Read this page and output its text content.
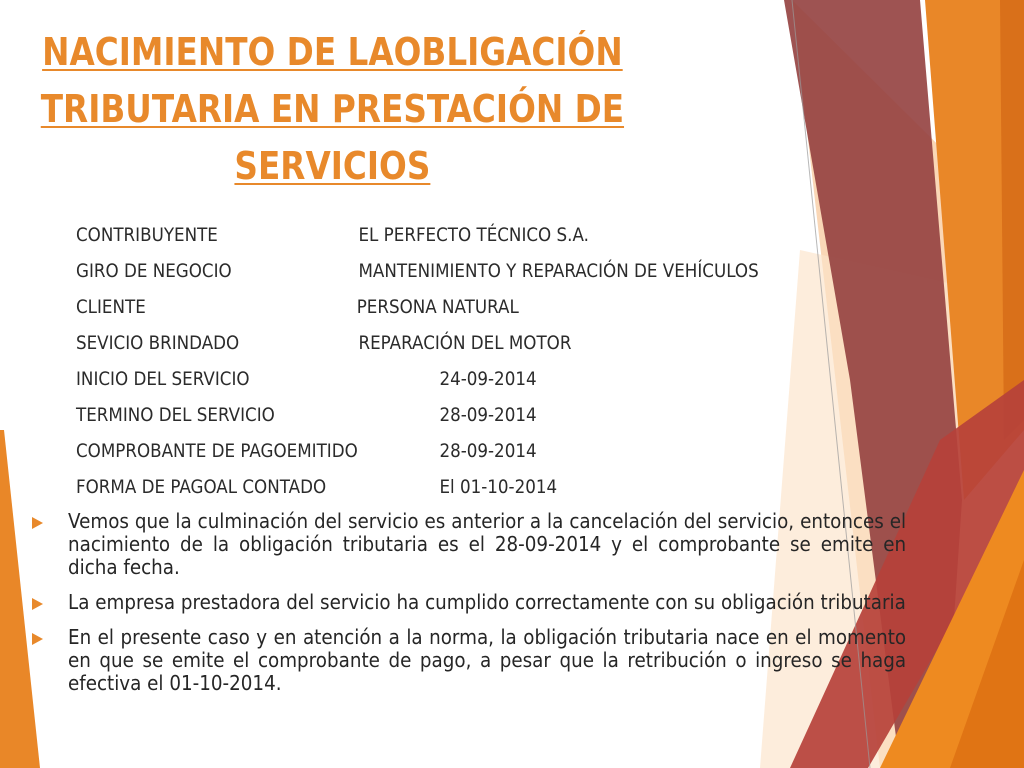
NACIMIENTO DE LAOBLIGACIÓN
TRIBUTARIA EN PRESTACIÓN DE
SERVICIOS
CONTRIBUYENTE	EL PERFECTO TÉCNICO S.A.
GIRO DE NEGOCIO	MANTENIMIENTO Y REPARACIÓN DE VEHÍCULOS
CLIENTE	PERSONA NATURAL
SEVICIO BRINDADO	REPARACIÓN DEL MOTOR
INICIO DEL SERVICIO	24-09-2014
TERMINO DEL SERVICIO	28-09-2014
COMPROBANTE DE PAGOEMITIDO	28-09-2014
FORMA DE PAGOAL CONTADO	El 01-10-2014
Vemos que la culminación del servicio es anterior a la cancelación del servicio, entonces el nacimiento de la obligación tributaria es el 28-09-2014 y el comprobante se emite en dicha fecha.
La empresa prestadora del servicio ha cumplido correctamente con su obligación tributaria
En el presente caso y en atención a la norma, la obligación tributaria nace en el momento en que se emite el comprobante de pago, a pesar que la retribución o ingreso se haga efectiva el 01-10-2014.
